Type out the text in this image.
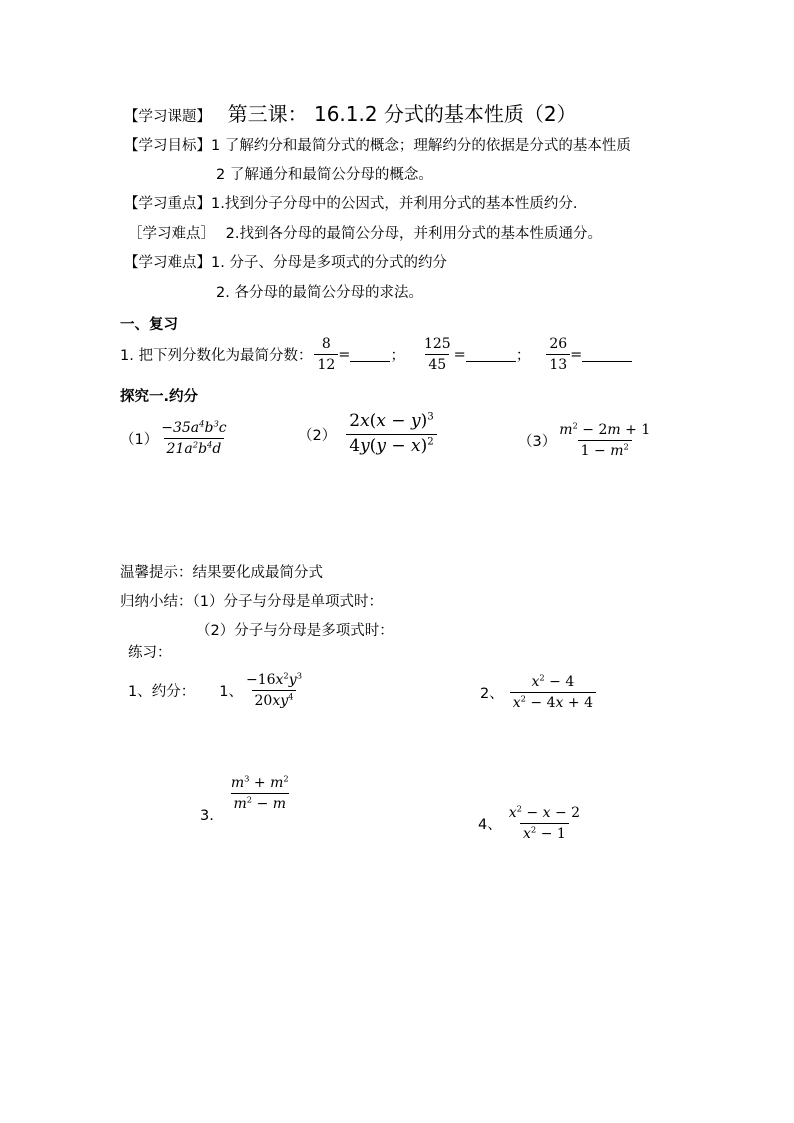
【学习课题】 第三课： 16.1.2 分式的基本性质（2）
【学习目标】1 了解约分和最简分式的概念；理解约分的依据是分式的基本性质
2 了解通分和最简公分母的概念。
【学习重点】1.找到分子分母中的公因式，并利用分式的基本性质约分.
［学习难点］ 2.找到各分母的最简公分母，并利用分式的基本性质通分。
【学习难点】1. 分子、分母是多项式的分式的约分
2. 各分母的最简公分母的求法。
一、复习
1. 把下列分数化为最简分数： $\frac{8}{12}$ =	； $\frac{125}{45}$ =	； $\frac{26}{13}$ =
探究一.约分
$(1) \frac{-35a^4b^3c}{21a^2b^4d}$	$(2) \frac{2x(x - y)^3}{4y(y - x)^2}$	$(3) \frac{m^2 - 2m + 1}{1 - m^2}$
温馨提示：结果要化成最简分式
归纳小结：（1）分子与分母是单项式时：
（2）分子与分母是多项式时：
练习：
1、约分： 1、 $\frac{-16x^2y^3}{20xy^4}$	2、 $\frac{x^2 - 4}{x^2 - 4x + 4}$
3.
$\frac{m^3 + m^2}{m^2 - m}$
4、 $\frac{x^2 - x - 2}{x^2 - 1}$
